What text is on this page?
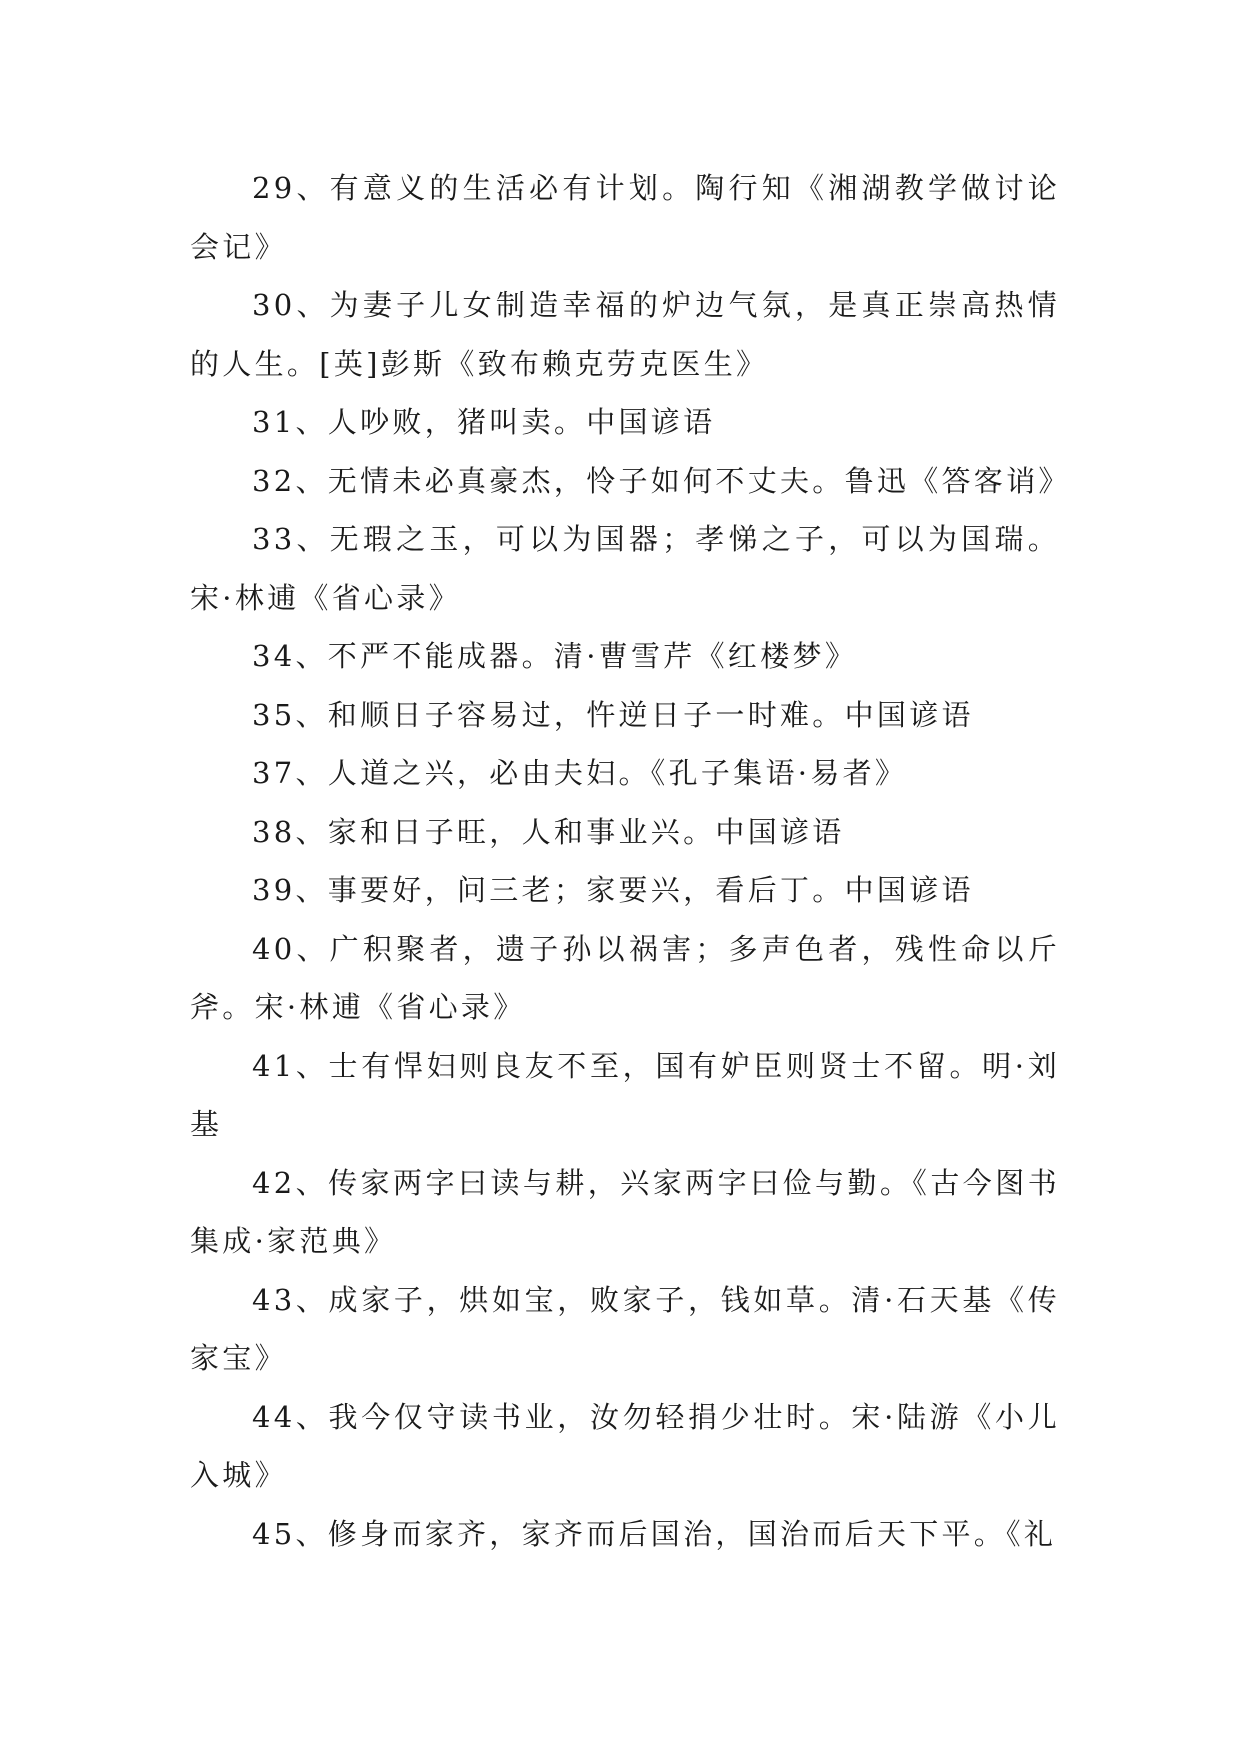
29、有意义的生活必有计划。陶行知《湘湖教学做讨论会记》

30、为妻子儿女制造幸福的炉边气氛，是真正崇高热情的人生。[英]彭斯《致布赖克劳克医生》

31、人吵败，猪叫卖。中国谚语

32、无情未必真豪杰，怜子如何不丈夫。鲁迅《答客诮》

33、无瑕之玉，可以为国器；孝悌之子，可以为国瑞。宋·林逋《省心录》

34、不严不能成器。清·曹雪芹《红楼梦》

35、和顺日子容易过，忤逆日子一时难。中国谚语

37、人道之兴，必由夫妇。《孔子集语·易者》

38、家和日子旺，人和事业兴。中国谚语

39、事要好，问三老；家要兴，看后丁。中国谚语

40、广积聚者，遗子孙以祸害；多声色者，残性命以斤斧。宋·林逋《省心录》

41、士有悍妇则良友不至，国有妒臣则贤士不留。明·刘基

42、传家两字曰读与耕，兴家两字曰俭与勤。《古今图书集成·家范典》

43、成家子，烘如宝，败家子，钱如草。清·石天基《传家宝》

44、我今仅守读书业，汝勿轻捐少壮时。宋·陆游《小儿入城》

45、修身而家齐，家齐而后国治，国治而后天下平。《礼
